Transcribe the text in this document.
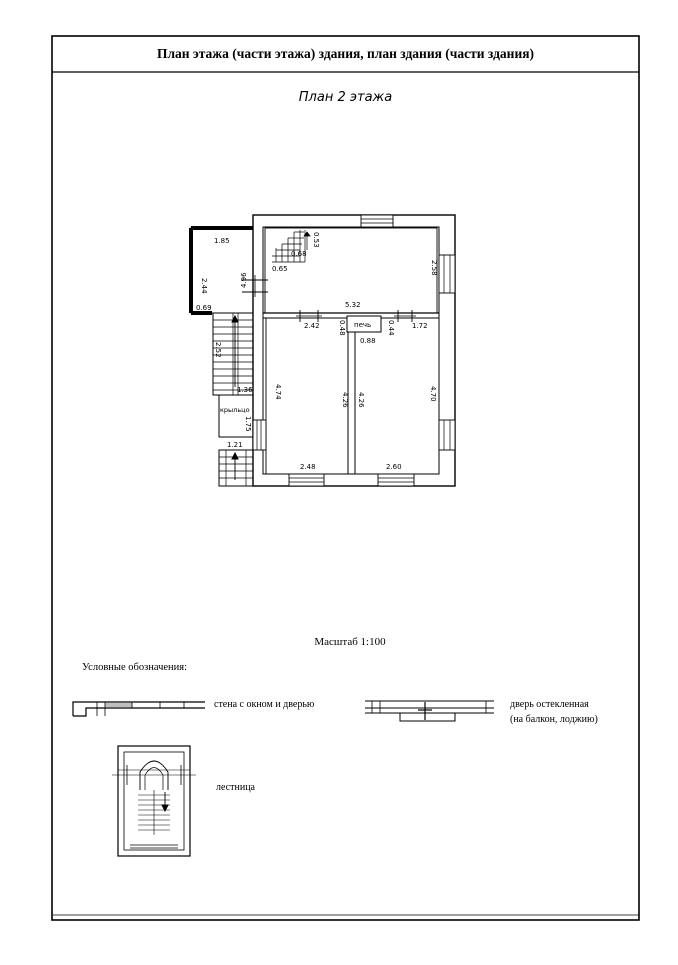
1.85
2.44
0.69
4.96
0.65
0.68
0.53
2.58
5.32
2.42	0.48 печь 0.44 1.72
0.88
2.52
1.36
крыльцо
1.75
1.21
4.74
4.26 4.26	4.70
2.48	2.60
План этажа (части этажа) здания, план здания (части здания)
План 2 этажа
Масштаб 1:100
Условные обозначения:
стена с окном и дверью	дверь остекленная
(на балкон, лоджию)
лестница
